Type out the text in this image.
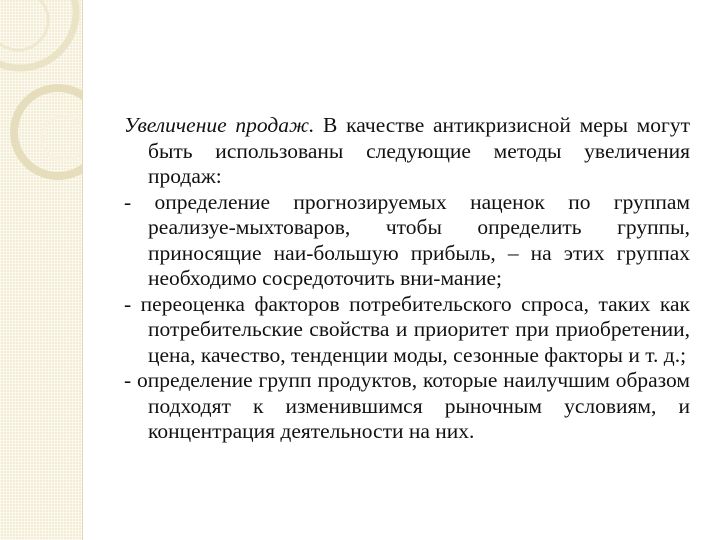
Увеличение продаж. В качестве антикризисной меры могут быть использованы следующие методы увеличения продаж:

- определение прогнозируемых наценок по группам реализуе-мыхтоваров, чтобы определить группы, приносящие наи-большую прибыль, – на этих группах необходимо сосредоточить вни-мание;

- переоценка факторов потребительского спроса, таких как потребительские свойства и приоритет при приобретении, цена, качество, тенденции моды, сезонные факторы и т. д.;

- определение групп продуктов, которые наилучшим образом подходят к изменившимся рыночным условиям, и концентрация деятельности на них.
